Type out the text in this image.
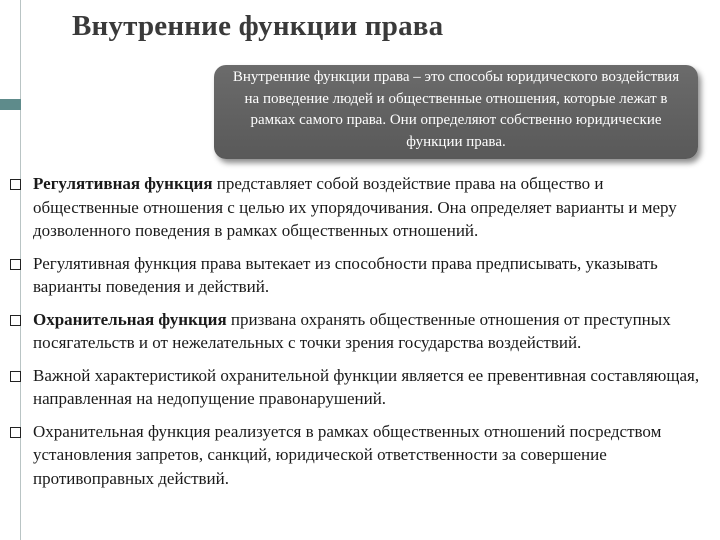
Внутренние функции права
Внутренние функции права – это способы юридического воздействия на поведение людей и общественные отношения, которые лежат в рамках самого права. Они определяют собственно юридические функции права.
Регулятивная функция представляет собой воздействие права на общество и общественные отношения с целью их упорядочивания. Она определяет варианты и меру дозволенного поведения в рамках общественных отношений.
Регулятивная функция права вытекает из способности права предписывать, указывать варианты поведения и действий.
Охранительная функция призвана охранять общественные отношения от преступных посягательств и от нежелательных с точки зрения государства воздействий.
Важной характеристикой охранительной функции является ее превентивная составляющая, направленная на недопущение правонарушений.
Охранительная функция реализуется в рамках общественных отношений посредством установления запретов, санкций, юридической ответственности за совершение противоправных действий.
